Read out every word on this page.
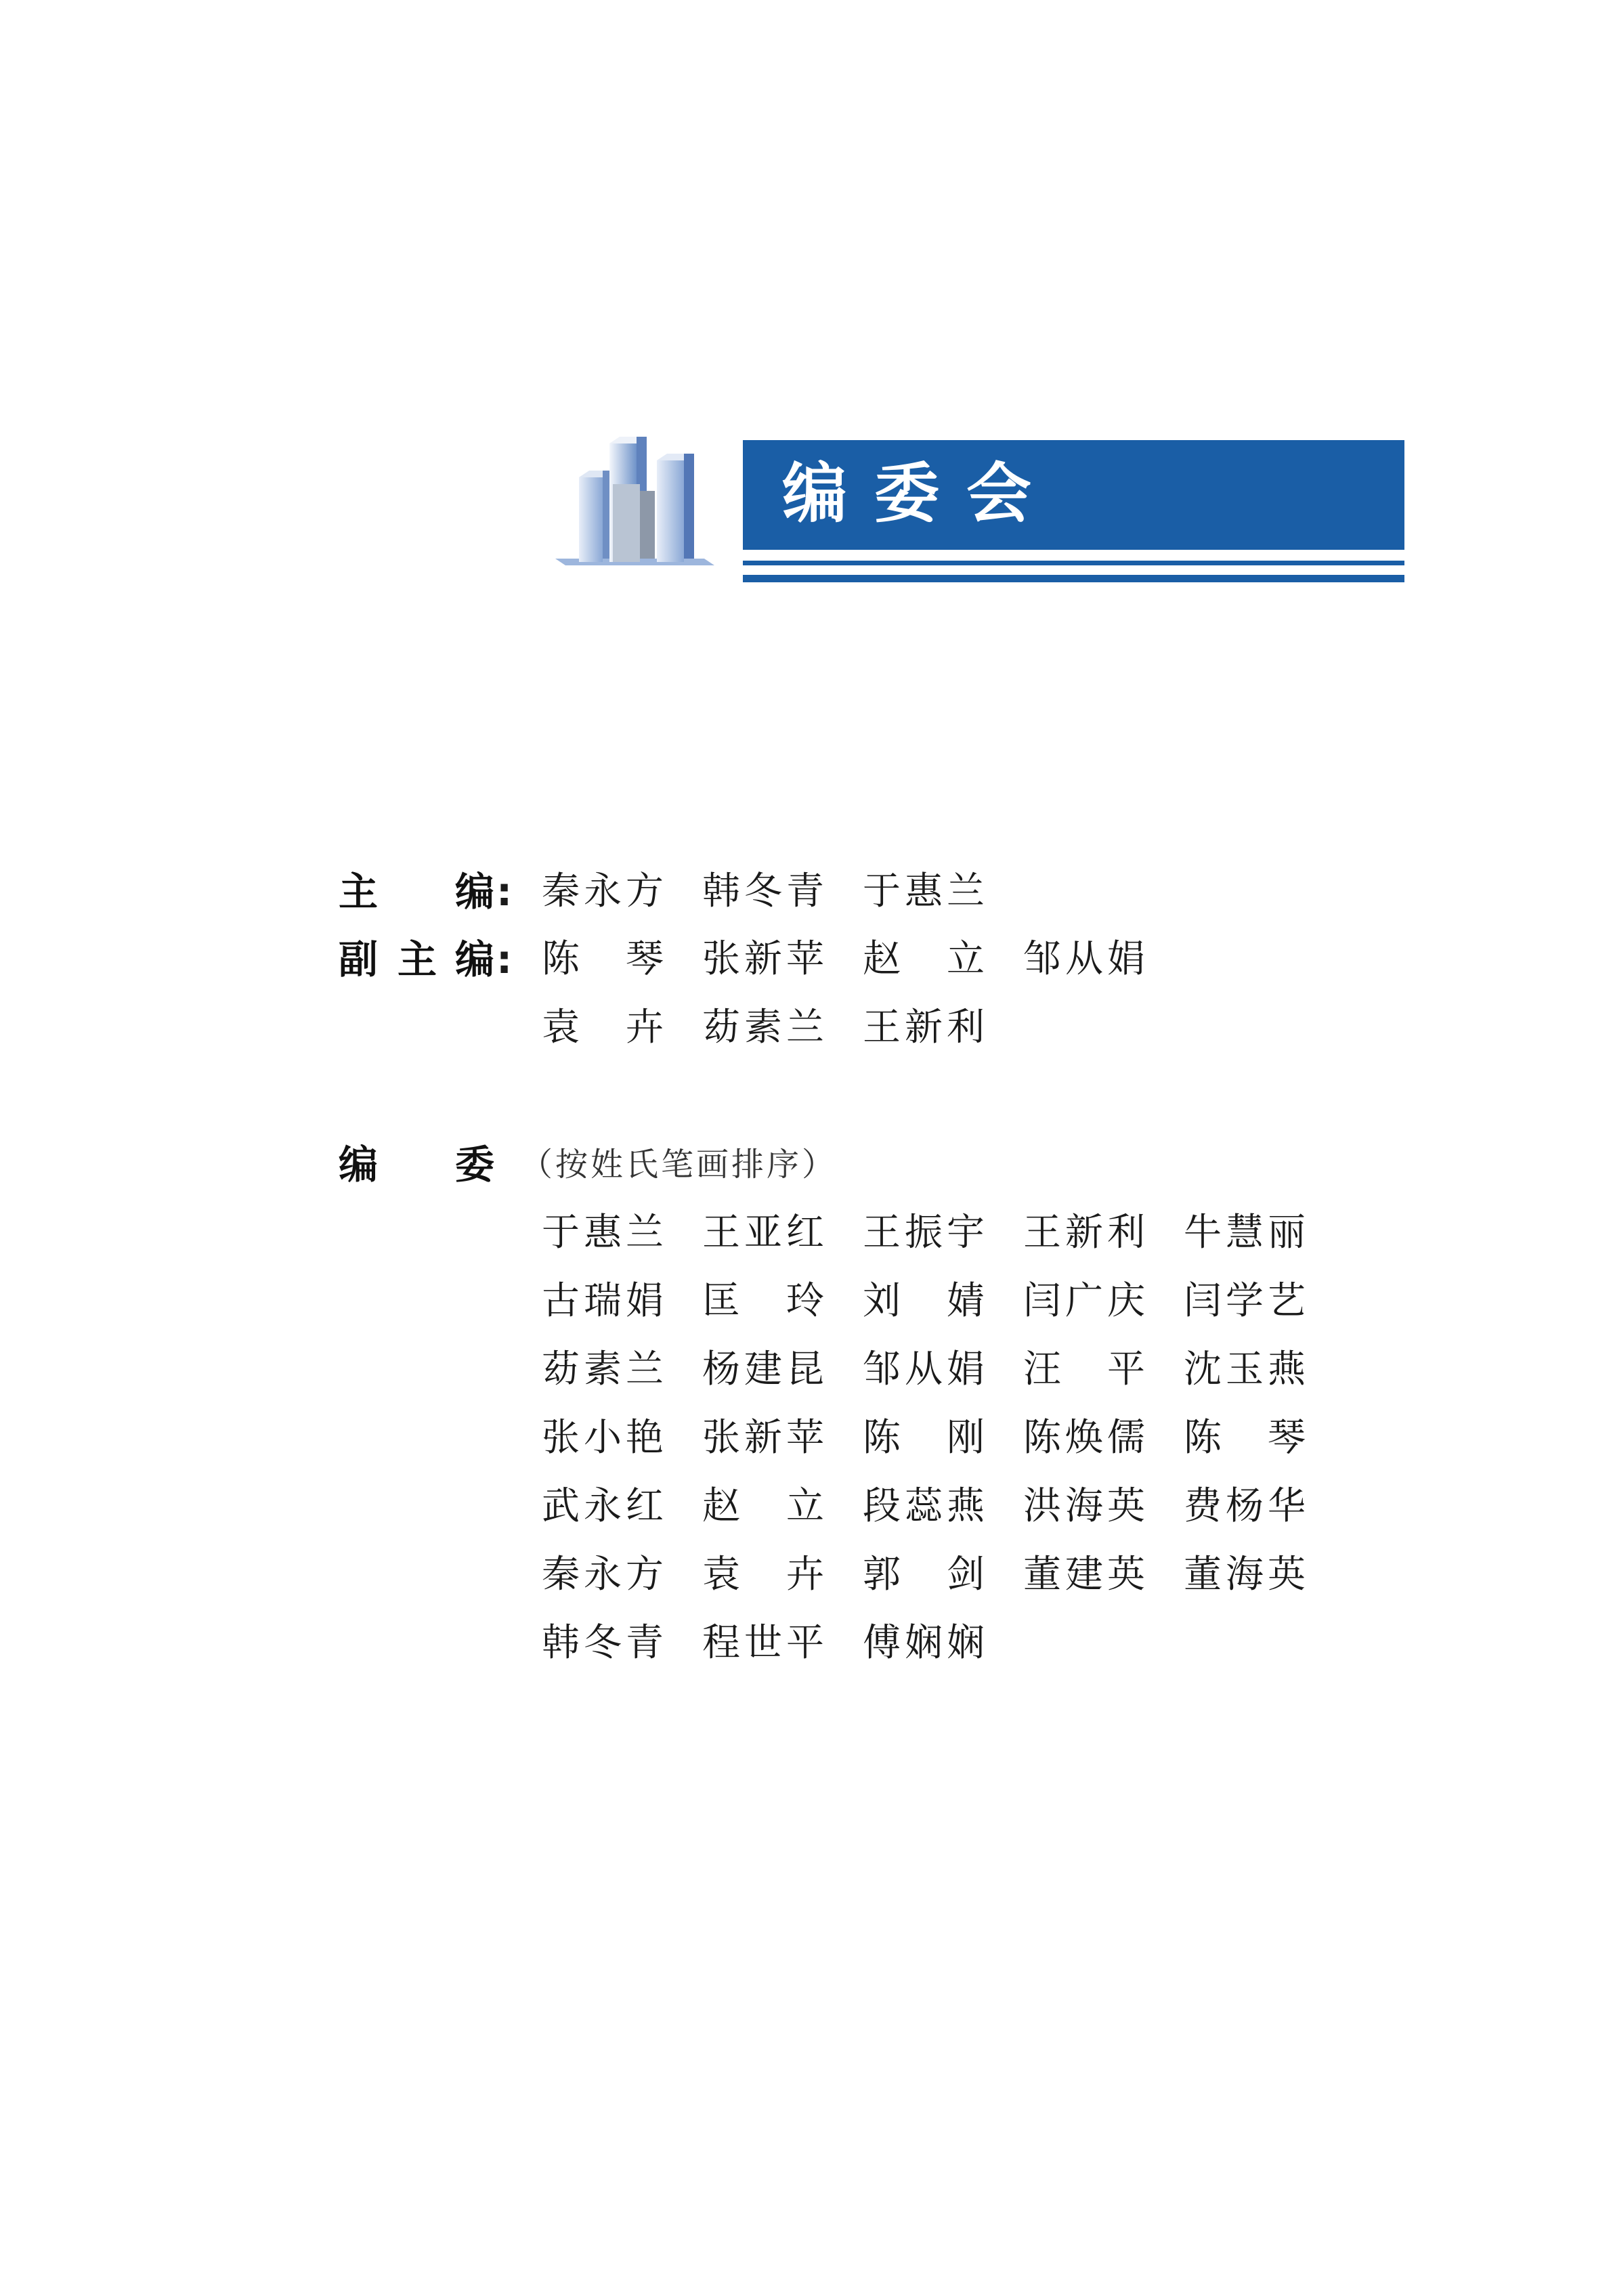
编委会
主 编 : 秦 永 方 韩 冬 青 于 惠 兰
副 主 编 : 陈 琴 张 新 苹 赵 立 邹 从 娟
袁 卉 苭 素 兰 王 新 利
编 委 （按姓氏笔画排序）
于 惠 兰 王 亚 红 王 振 宇 王 新 利 牛 慧 丽
古 瑞 娟 匡 玲 刘 婧 闫 广 庆 闫 学 艺
苭 素 兰 杨 建 昆 邹 从 娟 汪 平 沈 玉 燕
张 小 艳 张 新 苹 陈 刚 陈 焕 儒 陈 琴
武 永 红 赵 立 段 蕊 燕 洪 海 英 费 杨 华
秦 永 方 袁 卉 郭 剑 董 建 英 董 海 英
韩 冬 青 程 世 平 傅 娴 娴
